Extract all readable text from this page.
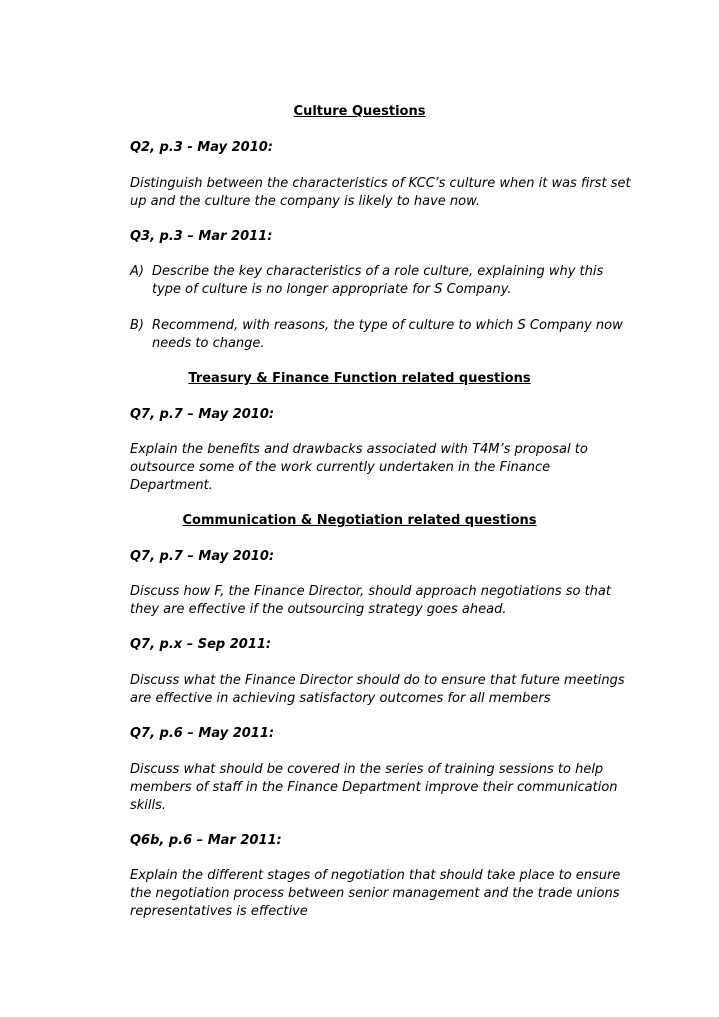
Culture Questions

Q2, p.3 - May 2010:

Distinguish between the characteristics of KCC’s culture when it was first set up and the culture the company is likely to have now.

Q3, p.3 – Mar 2011:

A) Describe the key characteristics of a role culture, explaining why this type of culture is no longer appropriate for S Company.
B) Recommend, with reasons, the type of culture to which S Company now needs to change.

Treasury & Finance Function related questions

Q7, p.7 – May 2010:

Explain the benefits and drawbacks associated with T4M’s proposal to outsource some of the work currently undertaken in the Finance Department.

Communication & Negotiation related questions

Q7, p.7 – May 2010:

Discuss how F, the Finance Director, should approach negotiations so that they are effective if the outsourcing strategy goes ahead.

Q7, p.x – Sep 2011:

Discuss what the Finance Director should do to ensure that future meetings are effective in achieving satisfactory outcomes for all members

Q7, p.6 – May 2011:

Discuss what should be covered in the series of training sessions to help members of staff in the Finance Department improve their communication skills.

Q6b, p.6 – Mar 2011:

Explain the different stages of negotiation that should take place to ensure the negotiation process between senior management and the trade unions representatives is effective
